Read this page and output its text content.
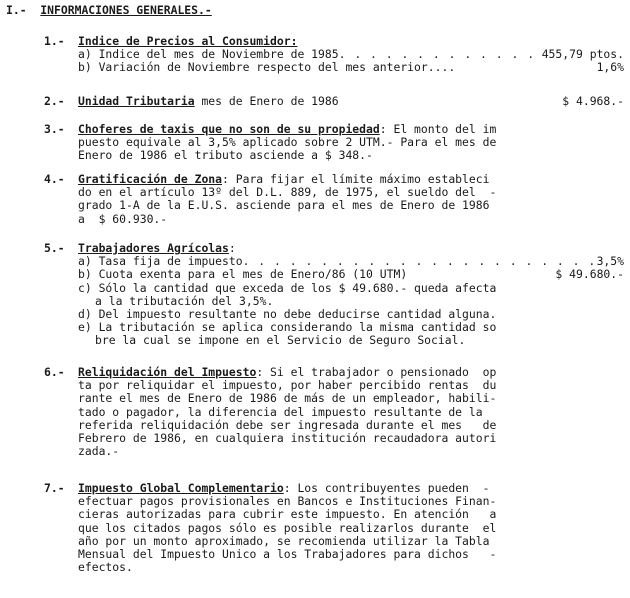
I.- INFORMACIONES GENERALES.-
1.- Indice de Precios al Consumidor:
a) Indice del mes de Noviembre de 1985 . . .	455,79 ptos.
b) Variación de Noviembre respecto del mes anterior....	1,6%
2.- Unidad Tributaria mes de Enero de 1986	$ 4.968.-
3.- Choferes de taxis que no son de su propiedad: El monto del im
puesto equivale al 3,5% aplicado sobre 2 UTM.- Para el mes de
Enero de 1986 el tributo asciende a $ 348.-
4.- Gratificación de Zona: Para fijar el límite máximo estableci
do en el artículo 13º del D.L. 889, de 1975, el sueldo del  -
grado 1-A de la E.U.S. asciende para el mes de Enero de 1986
a  $ 60.930.-
5.- Trabajadores Agrícolas:
a) Tasa fija de impuesto . . .	3,5%
b) Cuota exenta para el mes de Enero/86 (10 UTM)	$ 49.680.-
c) Sólo la cantidad que exceda de los $ 49.680.- queda afecta
a la tributación del 3,5%.
d) Del impuesto resultante no debe deducirse cantidad alguna.
e) La tributación se aplica considerando la misma cantidad so
bre la cual se impone en el Servicio de Seguro Social.
6.- Reliquidación del Impuesto: Si el trabajador o pensionado  op
ta por reliquidar el impuesto, por haber percibido rentas  du
rante el mes de Enero de 1986 de más de un empleador, habili-
tado o pagador, la diferencia del impuesto resultante de la
referida reliquidación debe ser ingresada durante el mes   de
Febrero de 1986, en cualquiera institución recaudadora autori
zada.-
7.- Impuesto Global Complementario: Los contribuyentes pueden  -
efectuar pagos provisionales en Bancos e Instituciones Finan-
cieras autorizadas para cubrir este impuesto. En atención   a
que los citados pagos sólo es posible realizarlos durante  el
año por un monto aproximado, se recomienda utilizar la Tabla
Mensual del Impuesto Unico a los Trabajadores para dichos   -
efectos.
